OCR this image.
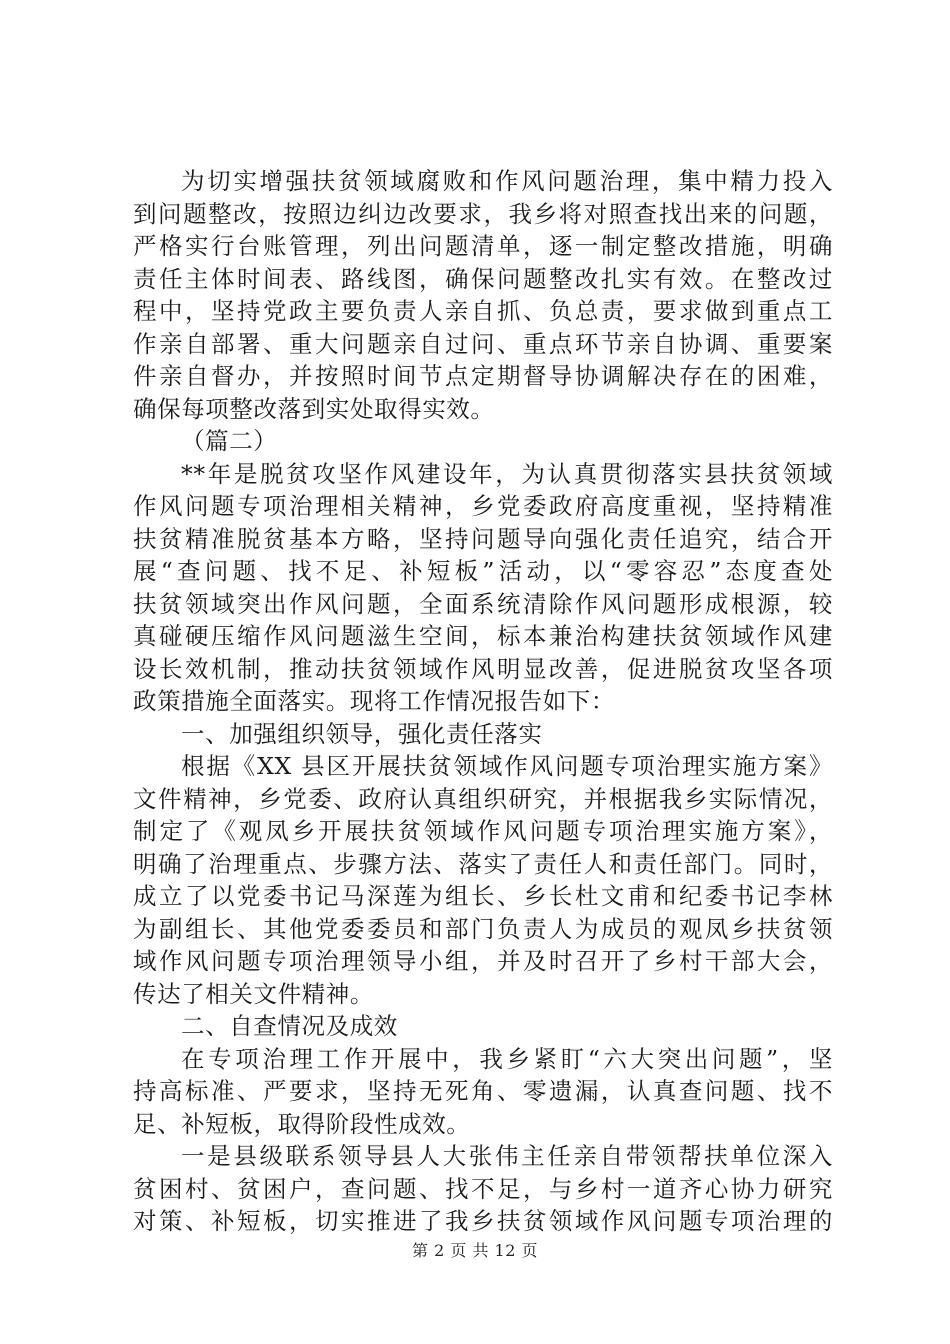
为切实增强扶贫领域腐败和作风问题治理，集中精力投入
到问题整改，按照边纠边改要求，我乡将对照查找出来的问题，
严格实行台账管理，列出问题清单，逐一制定整改措施，明确
责任主体时间表、路线图，确保问题整改扎实有效。在整改过
程中，坚持党政主要负责人亲自抓、负总责，要求做到重点工
作亲自部署、重大问题亲自过问、重点环节亲自协调、重要案
件亲自督办，并按照时间节点定期督导协调解决存在的困难，
确保每项整改落到实处取得实效。
（篇二）
**年是脱贫攻坚作风建设年，为认真贯彻落实县扶贫领域
作风问题专项治理相关精神，乡党委政府高度重视，坚持精准
扶贫精准脱贫基本方略，坚持问题导向强化责任追究，结合开
展“查问题、找不足、补短板”活动，以“零容忍”态度查处
扶贫领域突出作风问题，全面系统清除作风问题形成根源，较
真碰硬压缩作风问题滋生空间，标本兼治构建扶贫领域作风建
设长效机制，推动扶贫领域作风明显改善，促进脱贫攻坚各项
政策措施全面落实。现将工作情况报告如下：
一、加强组织领导，强化责任落实
根据《XX 县区开展扶贫领域作风问题专项治理实施方案》
文件精神，乡党委、政府认真组织研究，并根据我乡实际情况，
制定了《观凤乡开展扶贫领域作风问题专项治理实施方案》，
明确了治理重点、步骤方法、落实了责任人和责任部门。同时，
成立了以党委书记马深莲为组长、乡长杜文甫和纪委书记李林
为副组长、其他党委委员和部门负责人为成员的观凤乡扶贫领
域作风问题专项治理领导小组，并及时召开了乡村干部大会，
传达了相关文件精神。
二、自查情况及成效
在专项治理工作开展中，我乡紧盯“六大突出问题”，坚
持高标准、严要求，坚持无死角、零遗漏，认真查问题、找不
足、补短板，取得阶段性成效。
一是县级联系领导县人大张伟主任亲自带领帮扶单位深入
贫困村、贫困户，查问题、找不足，与乡村一道齐心协力研究
对策、补短板，切实推进了我乡扶贫领域作风问题专项治理的
第 2 页 共 12 页
